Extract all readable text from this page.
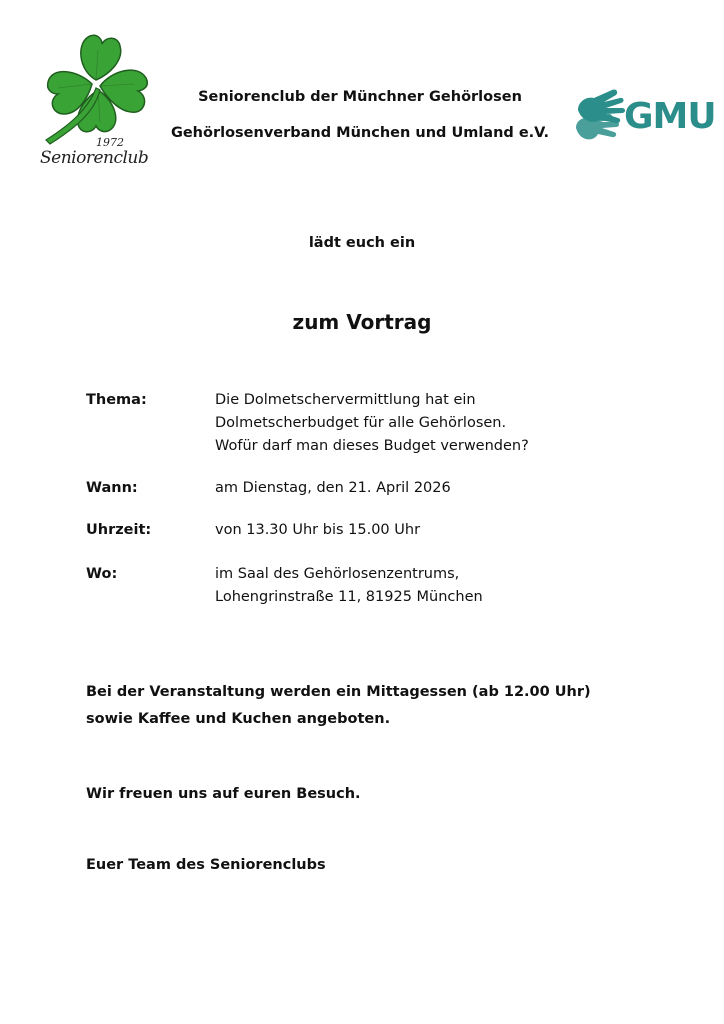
1972
Seniorenclub
GMU
Seniorenclub der Münchner Gehörlosen
Gehörlosenverband München und Umland e.V.
lädt euch ein
zum Vortrag
Thema:	Die Dolmetschervermittlung hat ein
Dolmetscherbudget für alle Gehörlosen.
Wofür darf man dieses Budget verwenden?
Wann:	am Dienstag, den 21. April 2026
Uhrzeit:	von 13.30 Uhr bis 15.00 Uhr
Wo:	im Saal des Gehörlosenzentrums,
Lohengrinstraße 11, 81925 München
Bei der Veranstaltung werden ein Mittagessen (ab 12.00 Uhr)
sowie Kaffee und Kuchen angeboten.
Wir freuen uns auf euren Besuch.
Euer Team des Seniorenclubs
